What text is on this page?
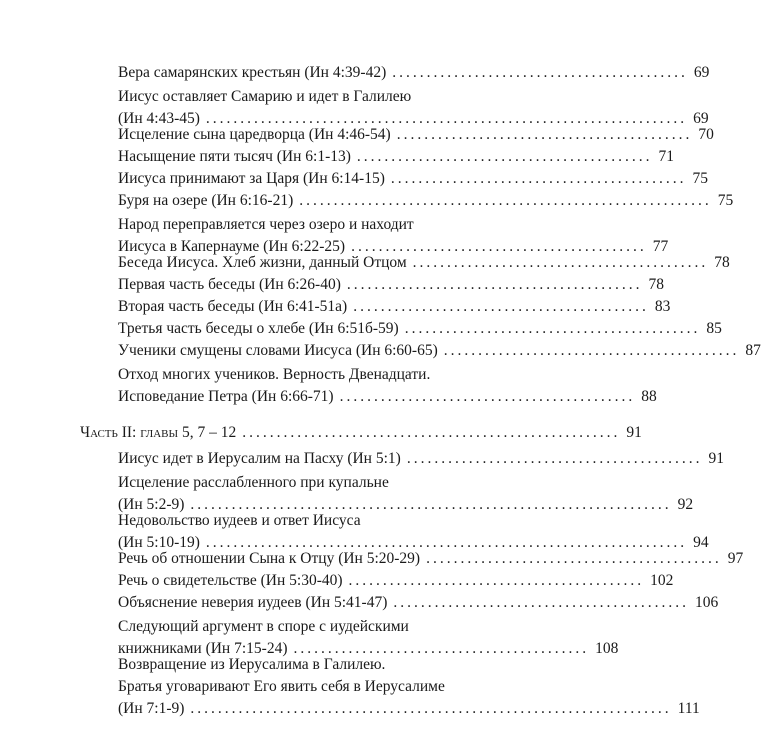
Вера самарянских крестьян (Ин 4:39-42) ........................................... 69
Иисус оставляет Самарию и идет в Галилею
(Ин 4:43-45) ...................................................................... 69
Исцеление сына царедворца (Ин 4:46-54) ........................................... 70
Насыщение пяти тысяч (Ин 6:1-13) ........................................... 71
Иисуса принимают за Царя (Ин 6:14-15) ........................................... 75
Буря на озере (Ин 6:16-21) ............................................................ 75
Народ переправляется через озеро и находит
Иисуса в Капернауме (Ин 6:22-25) ........................................... 77
Беседа Иисуса. Хлеб жизни, данный Отцом ........................................... 78
Первая часть беседы (Ин 6:26-40) ........................................... 78
Вторая часть беседы (Ин 6:41-51а) ........................................... 83
Третья часть беседы о хлебе (Ин 6:51б-59) ........................................... 85
Ученики смущены словами Иисуса (Ин 6:60-65) ........................................... 87
Отход многих учеников. Верность Двенадцати.
Исповедание Петра (Ин 6:66-71) ........................................... 88
Часть II: главы 5, 7 – 12 ....................................................... 91
Иисус идет в Иерусалим на Пасху (Ин 5:1) ........................................... 91
Исцеление расслабленного при купальне
(Ин 5:2-9) ...................................................................... 92
Недовольство иудеев и ответ Иисуса
(Ин 5:10-19) ...................................................................... 94
Речь об отношении Сына к Отцу (Ин 5:20-29) ........................................... 97
Речь о свидетельстве (Ин 5:30-40) ........................................... 102
Объяснение неверия иудеев (Ин 5:41-47) ........................................... 106
Следующий аргумент в споре с иудейскими
книжниками (Ин 7:15-24) ........................................... 108
Возвращение из Иерусалима в Галилею.
Братья уговаривают Его явить себя в Иерусалиме
(Ин 7:1-9) ...................................................................... 111
